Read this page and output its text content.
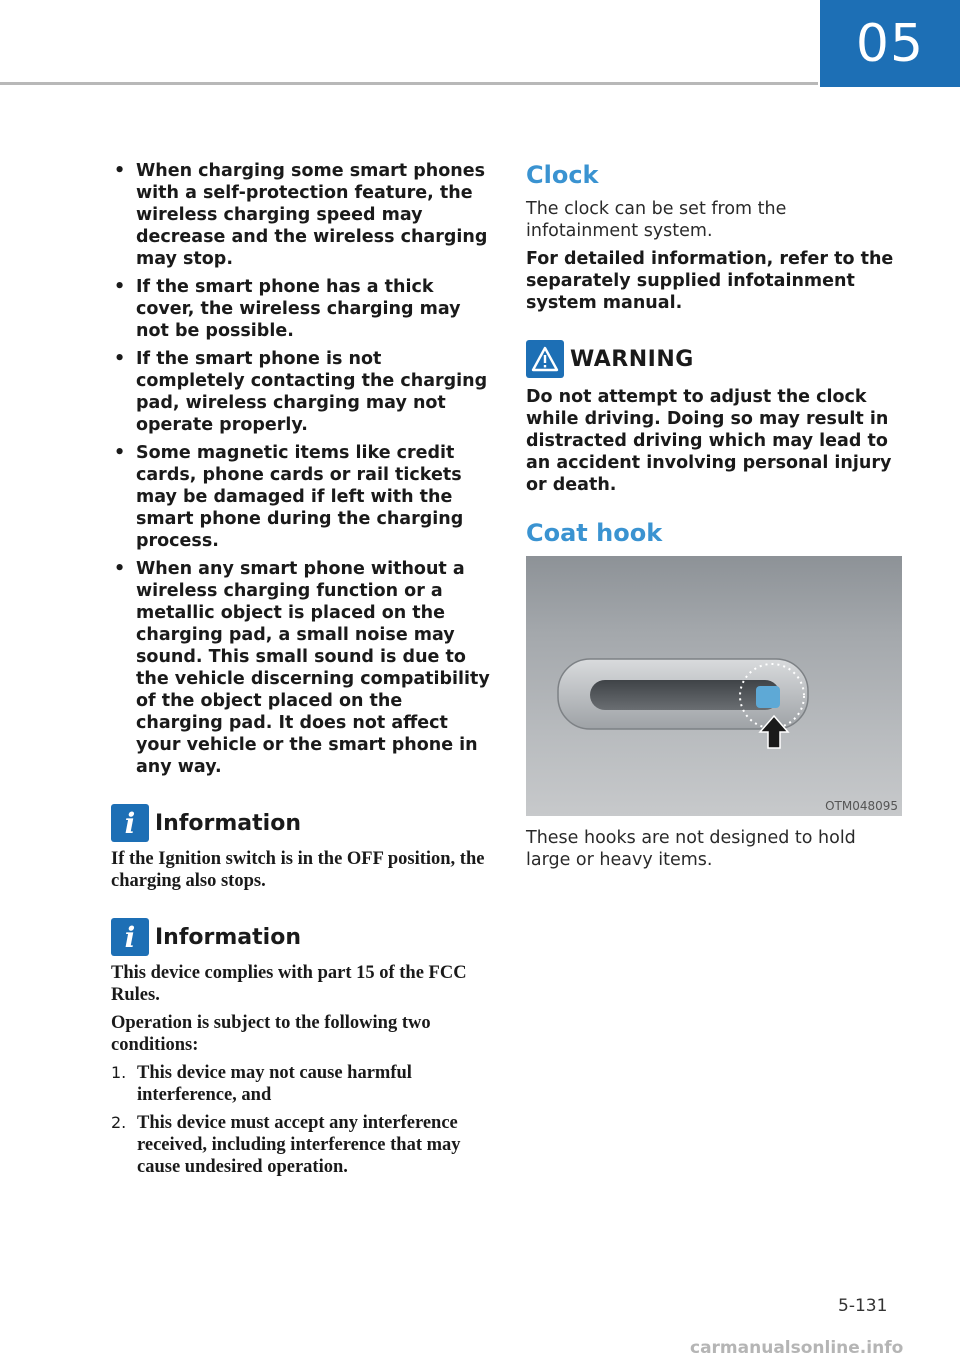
05
• When charging some smart phones with a self-protection feature, the wireless charging speed may decrease and the wireless charging may stop.
• If the smart phone has a thick cover, the wireless charging may not be possible.
• If the smart phone is not completely contacting the charging pad, wireless charging may not operate properly.
• Some magnetic items like credit cards, phone cards or rail tickets may be damaged if left with the smart phone during the charging process.
• When any smart phone without a wireless charging function or a metallic object is placed on the charging pad, a small noise may sound. This small sound is due to the vehicle discerning compatibility of the object placed on the charging pad. It does not affect your vehicle or the smart phone in any way.
i Information

If the Ignition switch is in the OFF position, the charging also stops.

i Information

This device complies with part 15 of the FCC Rules.

Operation is subject to the following two conditions:

1. This device may not cause harmful interference, and
2. This device must accept any interference received, including interference that may cause undesired operation.
Clock

The clock can be set from the infotainment system.

For detailed information, refer to the separately supplied infotainment system manual.

WARNING

Do not attempt to adjust the clock while driving. Doing so may result in distracted driving which may lead to an accident involving personal injury or death.

Coat hook
OTM048095

These hooks are not designed to hold large or heavy items.

5-131
carmanualsonline.info
